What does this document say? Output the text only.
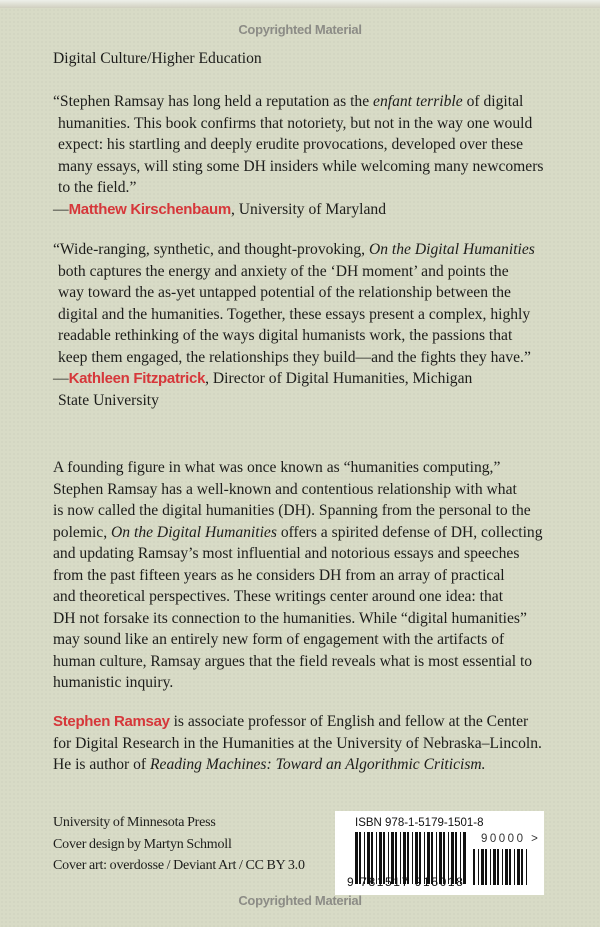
Copyrighted Material
Digital Culture/Higher Education
“Stephen Ramsay has long held a reputation as the enfant terrible of digital
humanities. This book confirms that notoriety, but not in the way one would
expect: his startling and deeply erudite provocations, developed over these
many essays, will sting some DH insiders while welcoming many newcomers
to the field.”
—Matthew Kirschenbaum, University of Maryland
“Wide-ranging, synthetic, and thought-provoking, On the Digital Humanities
both captures the energy and anxiety of the ‘DH moment’ and points the
way toward the as-yet untapped potential of the relationship between the
digital and the humanities. Together, these essays present a complex, highly
readable rethinking of the ways digital humanists work, the passions that
keep them engaged, the relationships they build—and the fights they have.”
—Kathleen Fitzpatrick, Director of Digital Humanities, Michigan
State University
A founding figure in what was once known as “humanities computing,”
Stephen Ramsay has a well-known and contentious relationship with what
is now called the digital humanities (DH). Spanning from the personal to the
polemic, On the Digital Humanities offers a spirited defense of DH, collecting
and updating Ramsay’s most influential and notorious essays and speeches
from the past fifteen years as he considers DH from an array of practical
and theoretical perspectives. These writings center around one idea: that
DH not forsake its connection to the humanities. While “digital humanities”
may sound like an entirely new form of engagement with the artifacts of
human culture, Ramsay argues that the field reveals what is most essential to
humanistic inquiry.
Stephen Ramsay is associate professor of English and fellow at the Center
for Digital Research in the Humanities at the University of Nebraska–Lincoln.
He is author of Reading Machines: Toward an Algorithmic Criticism.
University of Minnesota Press
Cover design by Martyn Schmoll
Cover art: overdosse / Deviant Art / CC BY 3.0
ISBN 978-1-5179-1501-8
90000 >
9 781517 915018
Copyrighted Material
